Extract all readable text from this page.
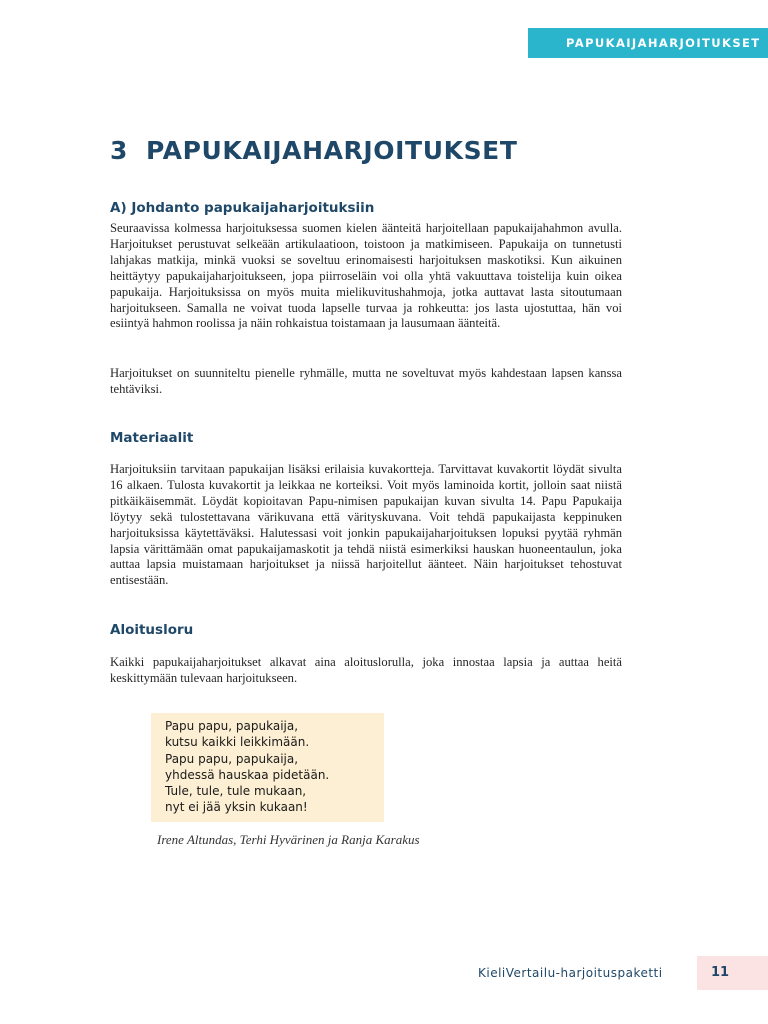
PAPUKAIJAHARJOITUKSET
3 PAPUKAIJAHARJOITUKSET
A) Johdanto papukaijaharjoituksiin

Seuraavissa kolmessa harjoituksessa suomen kielen äänteitä harjoitellaan papukaijahahmon avulla. Harjoitukset perustuvat selkeään artikulaatioon, toistoon ja matkimiseen. Papukaija on tunnetusti lahjakas matkija, minkä vuoksi se soveltuu erinomaisesti harjoituksen maskotiksi. Kun aikuinen heittäytyy papukaijaharjoitukseen, jopa piirroseläin voi olla yhtä vakuuttava toistelija kuin oikea papukaija. Harjoituksissa on myös muita mielikuvitushahmoja, jotka auttavat lasta sitoutumaan harjoitukseen. Samalla ne voivat tuoda lapselle turvaa ja rohkeutta: jos lasta ujostuttaa, hän voi esiintyä hahmon roolissa ja näin rohkaistua toistamaan ja lausumaan äänteitä.

Harjoitukset on suunniteltu pienelle ryhmälle, mutta ne soveltuvat myös kahdestaan lapsen kanssa tehtäviksi.

Materiaalit

Harjoituksiin tarvitaan papukaijan lisäksi erilaisia kuvakortteja. Tarvittavat kuvakortit löydät sivulta 16 alkaen. Tulosta kuvakortit ja leikkaa ne korteiksi. Voit myös laminoida kortit, jolloin saat niistä pitkäikäisemmät. Löydät kopioitavan Papu-nimisen papukaijan kuvan sivulta 14. Papu Papukaija löytyy sekä tulostettavana värikuvana että värityskuvana. Voit tehdä papukaijasta keppinuken harjoituksissa käytettäväksi. Halutessasi voit jonkin papukaijaharjoituksen lopuksi pyytää ryhmän lapsia värittämään omat papukaijamaskotit ja tehdä niistä esimerkiksi hauskan huoneentaulun, joka auttaa lapsia muistamaan harjoitukset ja niissä harjoitellut äänteet. Näin harjoitukset tehostuvat entisestään.

Aloitusloru

Kaikki papukaijaharjoitukset alkavat aina aloituslorulla, joka innostaa lapsia ja auttaa heitä keskittymään tulevaan harjoitukseen.

Papu papu, papukaija,
kutsu kaikki leikkimään.
Papu papu, papukaija,
yhdessä hauskaa pidetään.
Tule, tule, tule mukaan,
nyt ei jää yksin kukaan!

Irene Altundas, Terhi Hyvärinen ja Ranja Karakus

KieliVertailu-harjoituspaketti	11
